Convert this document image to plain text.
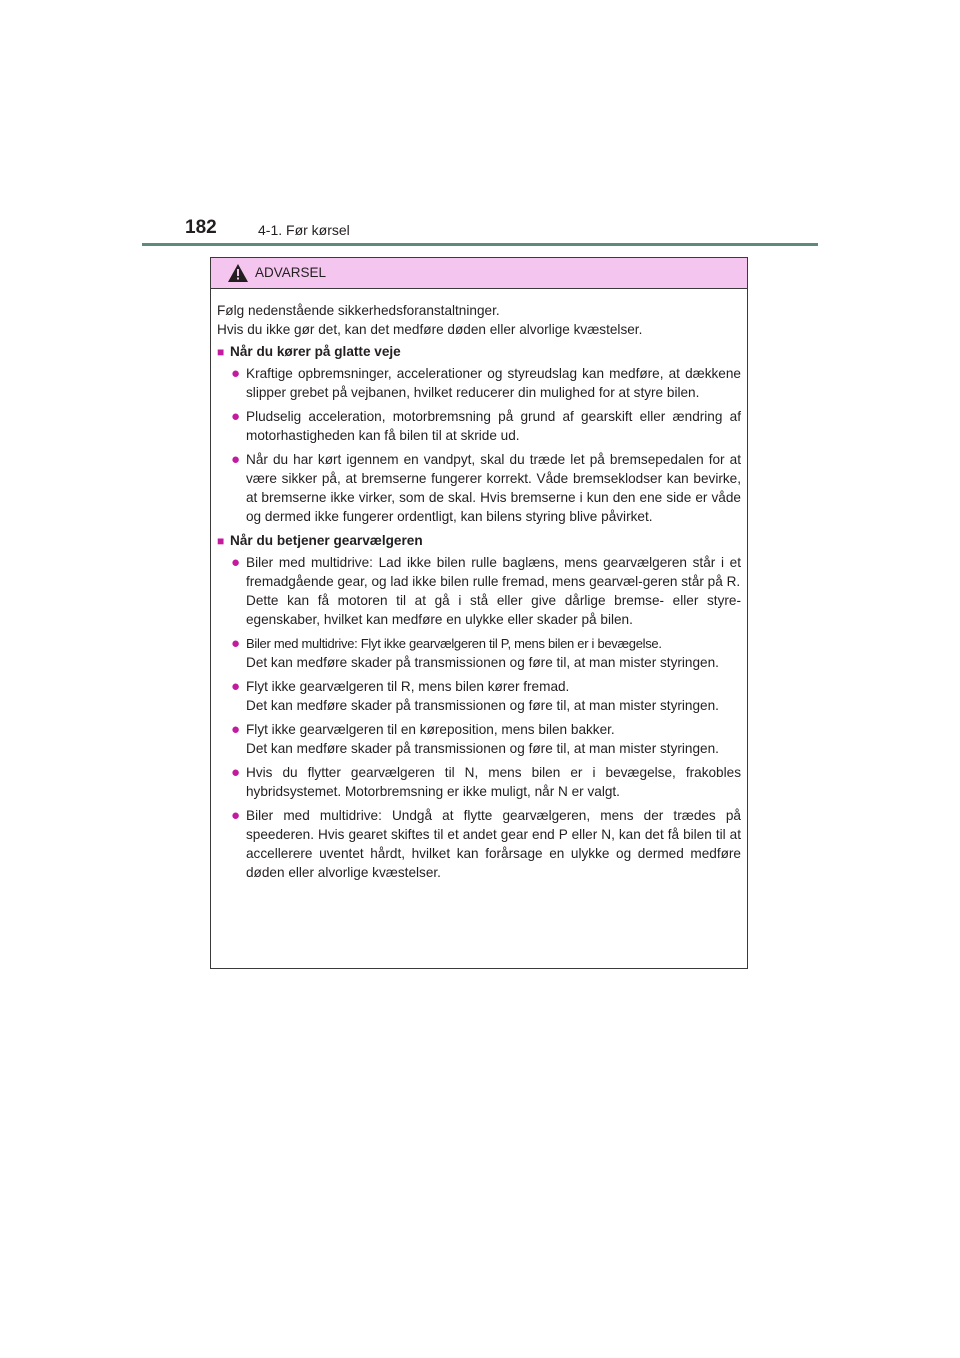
182	4-1. Før kørsel
ADVARSEL

Følg nedenstående sikkerhedsforanstaltninger.
Hvis du ikke gør det, kan det medføre døden eller alvorlige kvæstelser.

■ Når du kører på glatte veje
● Kraftige opbremsninger, accelerationer og styreudslag kan medføre, at dækkene slipper grebet på vejbanen, hvilket reducerer din mulighed for at styre bilen.
● Pludselig acceleration, motorbremsning på grund af gearskift eller ændring af motorhastigheden kan få bilen til at skride ud.
● Når du har kørt igennem en vandpyt, skal du træde let på bremsepedalen for at være sikker på, at bremserne fungerer korrekt. Våde bremseklodser kan bevirke, at bremserne ikke virker, som de skal. Hvis bremserne i kun den ene side er våde og dermed ikke fungerer ordentligt, kan bilens styring blive påvirket.
■ Når du betjener gearvælgeren
● Biler med multidrive: Lad ikke bilen rulle baglæns, mens gearvælgeren står i et fremadgående gear, og lad ikke bilen rulle fremad, mens gearvæl-geren står på R.
Dette kan få motoren til at gå i stå eller give dårlige bremse- eller styre-egenskaber, hvilket kan medføre en ulykke eller skader på bilen.
● Biler med multidrive: Flyt ikke gearvælgeren til P, mens bilen er i bevægelse.
Det kan medføre skader på transmissionen og føre til, at man mister styringen.
● Flyt ikke gearvælgeren til R, mens bilen kører fremad.
Det kan medføre skader på transmissionen og føre til, at man mister styringen.
● Flyt ikke gearvælgeren til en køreposition, mens bilen bakker.
Det kan medføre skader på transmissionen og føre til, at man mister styringen.
● Hvis du flytter gearvælgeren til N, mens bilen er i bevægelse, frakobles hybridsystemet. Motorbremsning er ikke muligt, når N er valgt.
● Biler med multidrive: Undgå at flytte gearvælgeren, mens der trædes på speederen. Hvis gearet skiftes til et andet gear end P eller N, kan det få bilen til at accellerere uventet hårdt, hvilket kan forårsage en ulykke og dermed medføre døden eller alvorlige kvæstelser.
